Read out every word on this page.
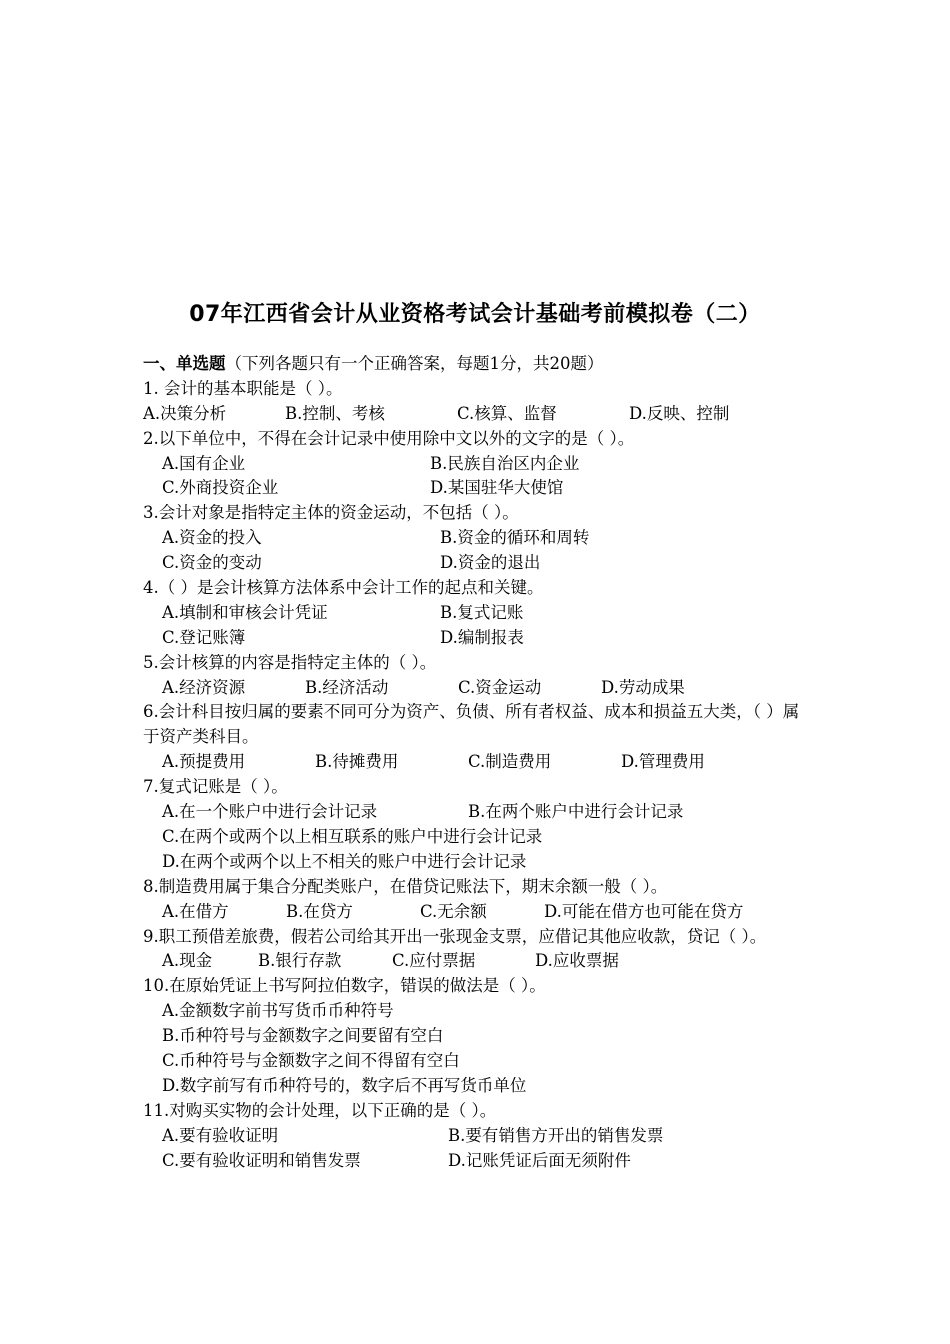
07年江西省会计从业资格考试会计基础考前模拟卷（二）
一、单选题（下列各题只有一个正确答案，每题1分，共20题）
1. 会计的基本职能是（ ）。
A.决策分析	B.控制、考核	C.核算、监督	D.反映、控制
2.以下单位中，不得在会计记录中使用除中文以外的文字的是（ ）。
A.国有企业	B.民族自治区内企业
C.外商投资企业	D.某国驻华大使馆
3.会计对象是指特定主体的资金运动，不包括（ ）。
A.资金的投入	B.资金的循环和周转
C.资金的变动	D.资金的退出
4.（ ）是会计核算方法体系中会计工作的起点和关键。
A.填制和审核会计凭证	B.复式记账
C.登记账簿	D.编制报表
5.会计核算的内容是指特定主体的（ ）。
A.经济资源	B.经济活动	C.资金运动	D.劳动成果
6.会计科目按归属的要素不同可分为资产、负债、所有者权益、成本和损益五大类，（ ）属于资产类科目。
A.预提费用	B.待摊费用	C.制造费用	D.管理费用
7.复式记账是（ ）。
A.在一个账户中进行会计记录	B.在两个账户中进行会计记录
C.在两个或两个以上相互联系的账户中进行会计记录
D.在两个或两个以上不相关的账户中进行会计记录
8.制造费用属于集合分配类账户，在借贷记账法下，期末余额一般（ ）。
A.在借方	B.在贷方	C.无余额	D.可能在借方也可能在贷方
9.职工预借差旅费，假若公司给其开出一张现金支票，应借记其他应收款，贷记（ ）。
A.现金	B.银行存款	C.应付票据	D.应收票据
10.在原始凭证上书写阿拉伯数字，错误的做法是（ ）。
A.金额数字前书写货币币种符号
B.币种符号与金额数字之间要留有空白
C.币种符号与金额数字之间不得留有空白
D.数字前写有币种符号的，数字后不再写货币单位
11.对购买实物的会计处理，以下正确的是（ ）。
A.要有验收证明	B.要有销售方开出的销售发票
C.要有验收证明和销售发票	D.记账凭证后面无须附件
